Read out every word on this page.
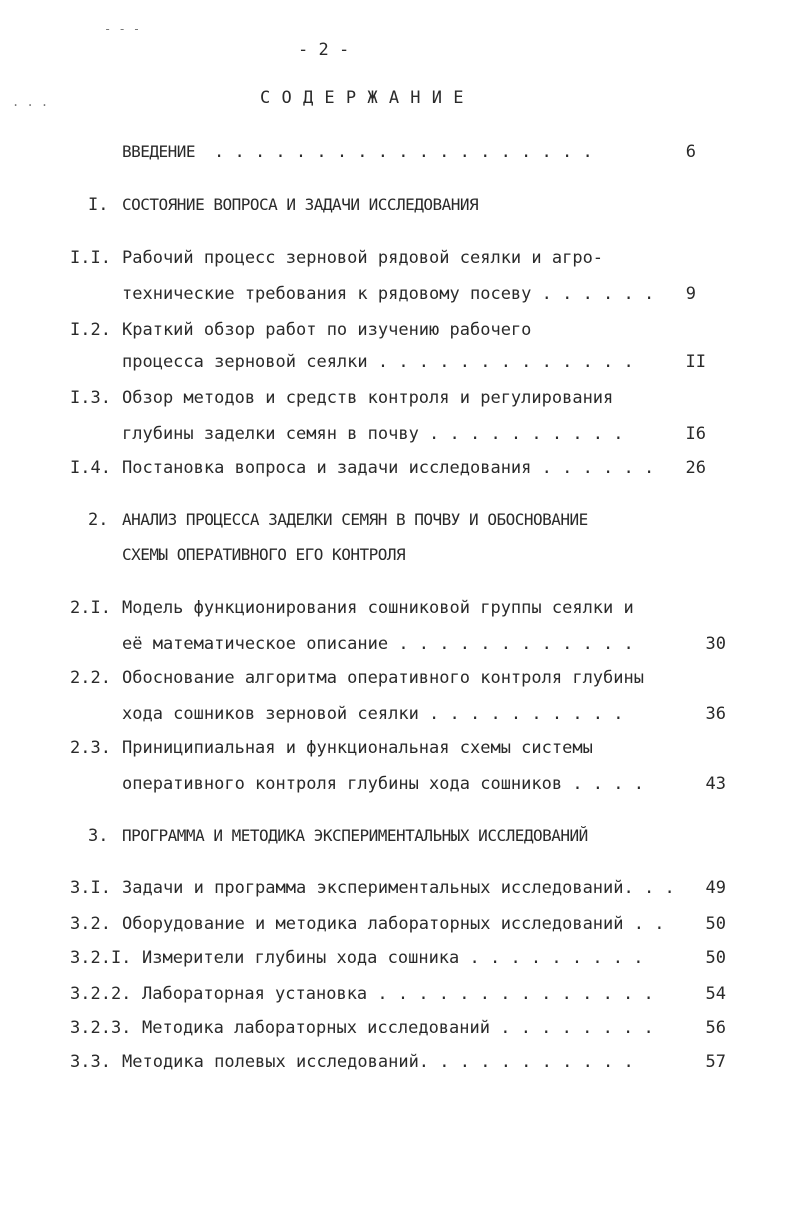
- - -
. . .
- 2 -
С О Д Е Р Ж А Н И Е
ВВЕДЕНИЕ . . . . . . . . . . . . . . . . . . .	6
I. СОСТОЯНИЕ ВОПРОСА И ЗАДАЧИ ИССЛЕДОВАНИЯ
I.I. Рабочий процесс зерновой рядовой сеялки и агро-
технические требования к рядовому посеву . . . . . .	9
I.2. Краткий обзор работ по изучению рабочего
процесса зерновой сеялки . . . . . . . . . . . . .	II
I.3. Обзор методов и средств контроля и регулирования
глубины заделки семян в почву . . . . . . . . . .	I6
I.4. Постановка вопроса и задачи исследования . . . . . .	26
2. АНАЛИЗ ПРОЦЕССА ЗАДЕЛКИ СЕМЯН В ПОЧВУ И ОБОСНОВАНИЕ
СХЕМЫ ОПЕРАТИВНОГО ЕГО КОНТРОЛЯ
2.I. Модель функционирования сошниковой группы сеялки и
её математическое описание . . . . . . . . . . . .	30
2.2. Обоснование алгоритма оперативного контроля глубины
хода сошников зерновой сеялки . . . . . . . . . .	36
2.3. Приниципиальная и функциональная схемы системы
оперативного контроля глубины хода сошников . . . .	43
3. ПРОГРАММА И МЕТОДИКА ЭКСПЕРИМЕНТАЛЬНЫХ ИССЛЕДОВАНИЙ
3.I. Задачи и программа экспериментальных исследований. . .	49
3.2. Оборудование и методика лабораторных исследований . .	50
3.2.I. Измерители глубины хода сошника . . . . . . . . .	50
3.2.2. Лабораторная установка . . . . . . . . . . . . . .	54
3.2.3. Методика лабораторных исследований . . . . . . . .	56
3.3. Методика полевых исследований. . . . . . . . . . .	57
